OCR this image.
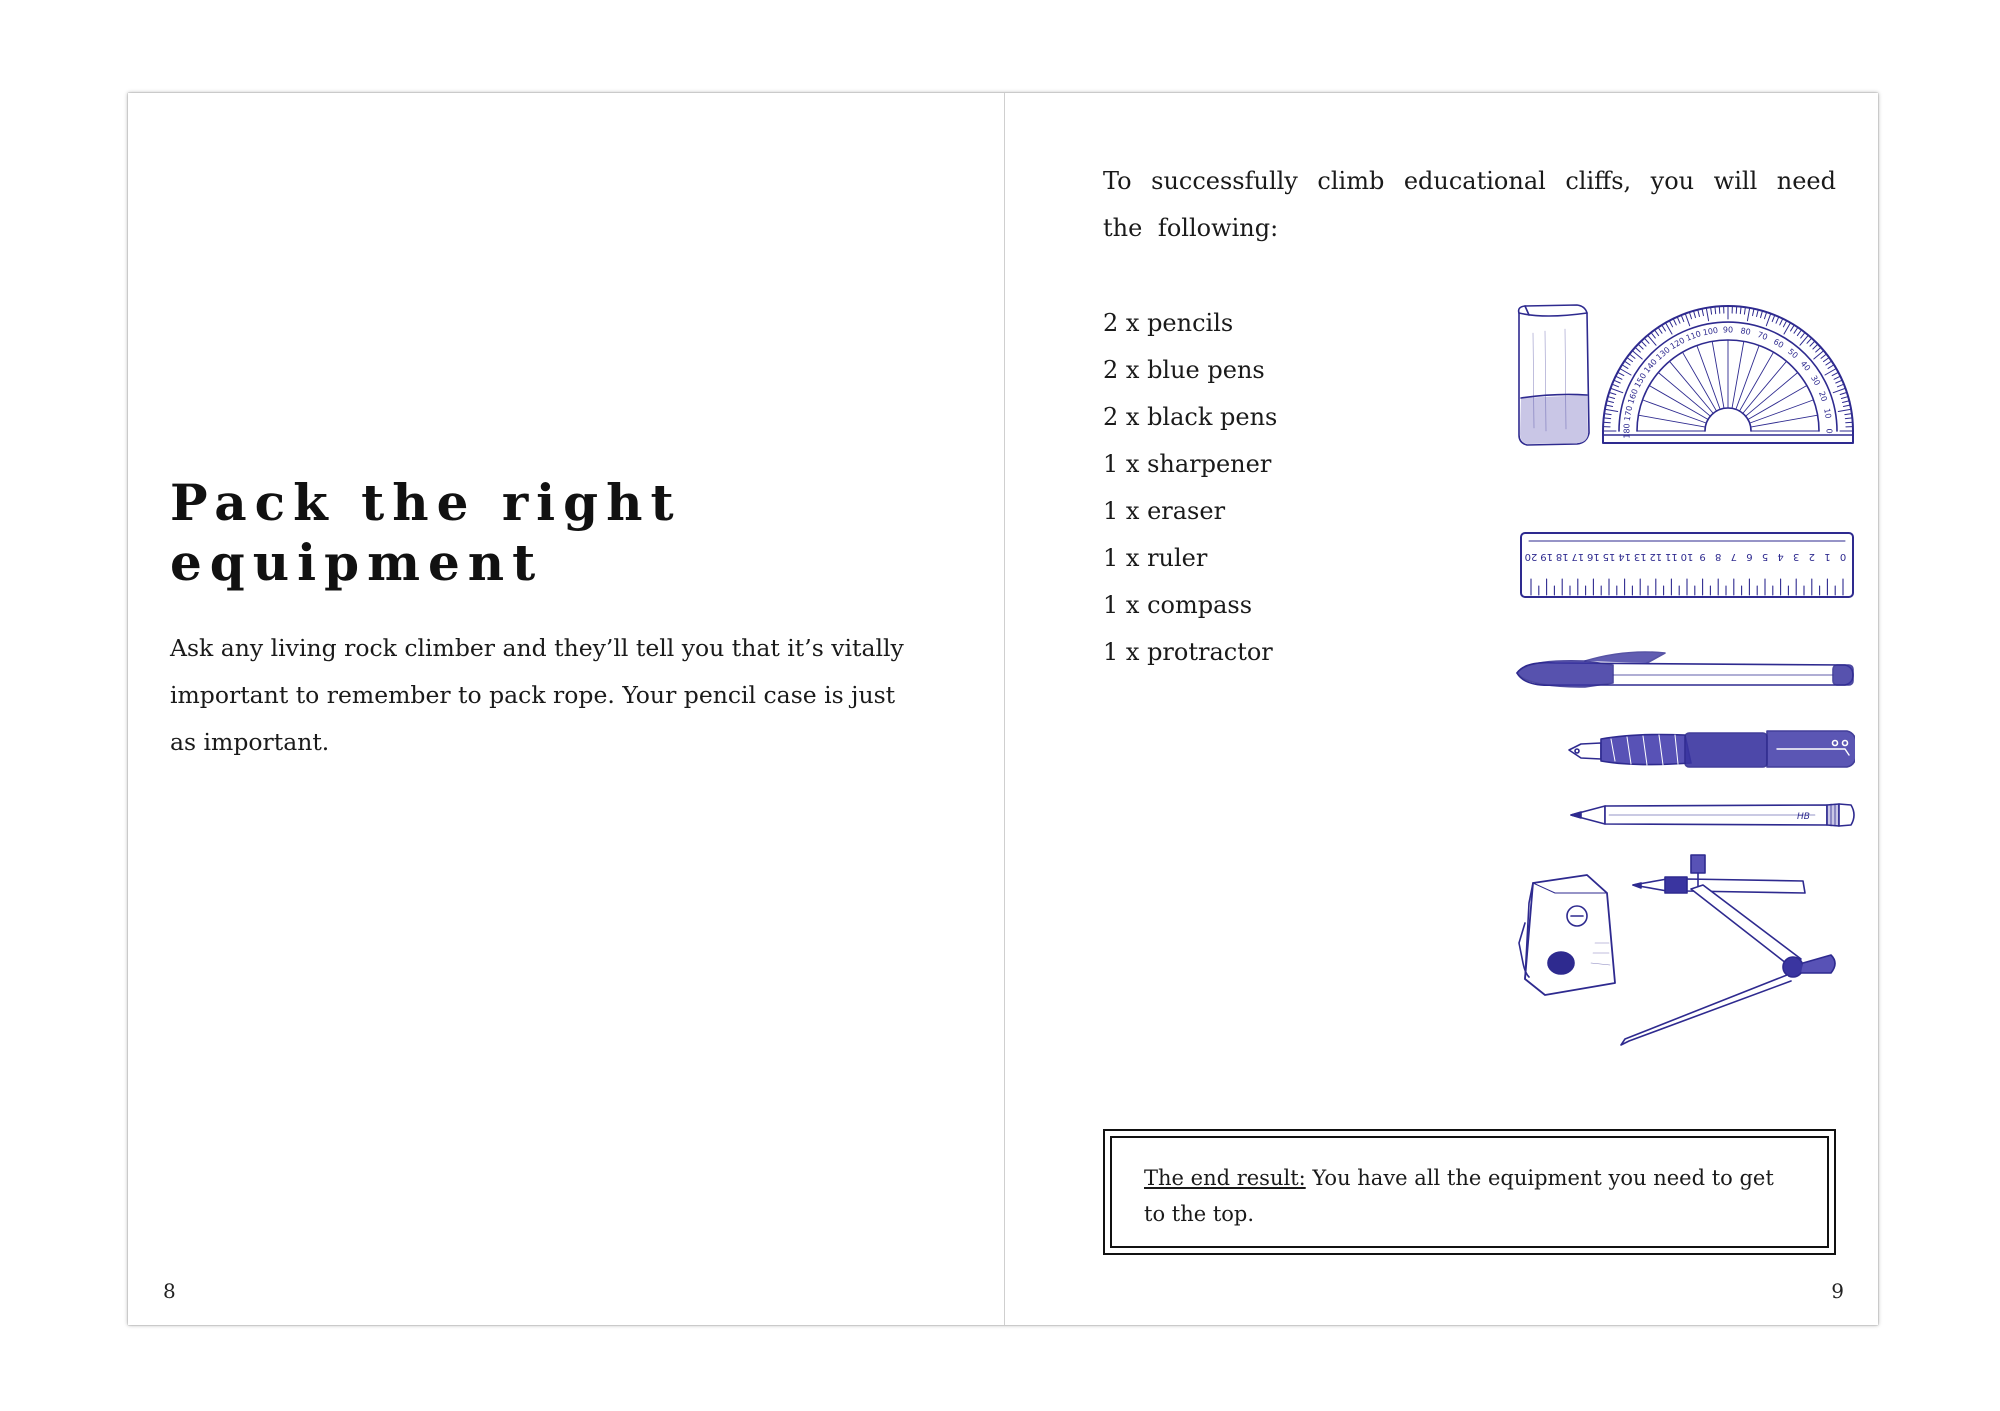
Pack the right equipment

Ask any living rock climber and they’ll tell you that it’s vitally important to remember to pack rope. Your pencil case is just as important.

8

To successfully climb educational cliffs, you will need the following:

2 x pencils
2 x blue pens
2 x black pens
1 x sharpener
1 x eraser
1 x ruler
1 x compass
1 x protractor
0
10
20
30
40
50
60
70
80
90
100
110
120
130
140
150
160
170
180
20 19 18 17 16 15 14 13 12 11 10 9 8 7 6 5 4 3 2 1 0
HB
The end result: You have all the equipment you need to get to the top.
9
